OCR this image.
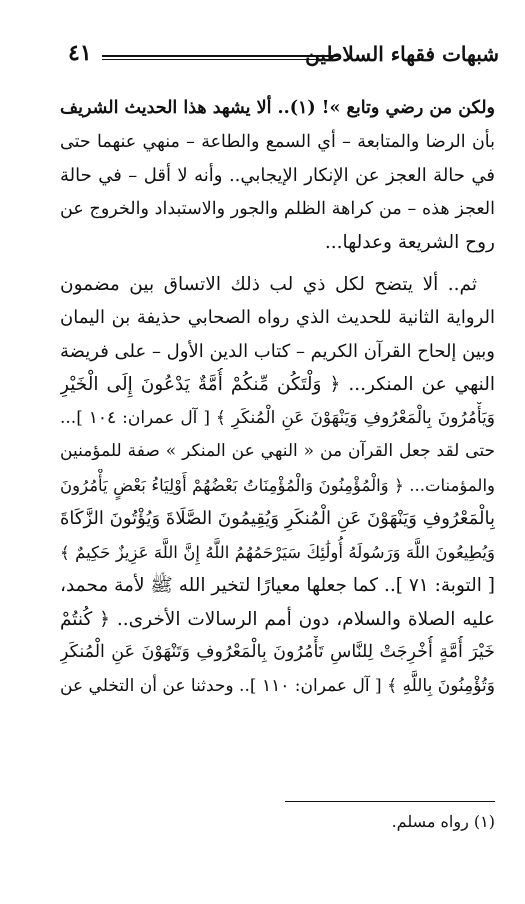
شبهات فقهاء السلاطين
٤١
ولكن من رضي وتابع »! (١).. ألا يشهد هذا الحديث الشريف
بأن الرضا والمتابعة – أي السمع والطاعة – منهي عنهما حتى
في حالة العجز عن الإنكار الإيجابي.. وأنه لا أقل – في حالة
العجز هذه – من كراهة الظلم والجور والاستبداد والخروج عن
روح الشريعة وعدلها...
ثم.. ألا يتضح لكل ذي لب ذلك الاتساق بين مضمون
الرواية الثانية للحديث الذي رواه الصحابي حذيفة بن اليمان
وبين إلحاح القرآن الكريم – كتاب الدين الأول – على فريضة
النهي عن المنكر... ﴿ وَلْتَكُن مِّنكُمْ أُمَّةٌ يَدْعُونَ إِلَى الْخَيْرِ
وَيَأْمُرُونَ بِالْمَعْرُوفِ وَيَنْهَوْنَ عَنِ الْمُنكَرِ ﴾ [ آل عمران: ١٠٤ ]...
حتى لقد جعل القرآن من « النهي عن المنكر » صفة للمؤمنين
والمؤمنات... ﴿ وَالْمُؤْمِنُونَ وَالْمُؤْمِنَاتُ بَعْضُهُمْ أَوْلِيَاءُ بَعْضٍ يَأْمُرُونَ
بِالْمَعْرُوفِ وَيَنْهَوْنَ عَنِ الْمُنكَرِ وَيُقِيمُونَ الصَّلَاةَ وَيُؤْتُونَ الزَّكَاةَ
وَيُطِيعُونَ اللَّهَ وَرَسُولَهُ أُولَٰئِكَ سَيَرْحَمُهُمُ اللَّهُ إِنَّ اللَّهَ عَزِيزٌ حَكِيمٌ ﴾
[ التوبة: ٧١ ].. كما جعلها معيارًا لتخير الله ﷺ لأمة محمد،
عليه الصلاة والسلام، دون أمم الرسالات الأخرى.. ﴿ كُنتُمْ
خَيْرَ أُمَّةٍ أُخْرِجَتْ لِلنَّاسِ تَأْمُرُونَ بِالْمَعْرُوفِ وَتَنْهَوْنَ عَنِ الْمُنكَرِ
وَتُؤْمِنُونَ بِاللَّهِ ﴾ [ آل عمران: ١١٠ ].. وحدثنا عن أن التخلي عن
(١) رواه مسلم.
